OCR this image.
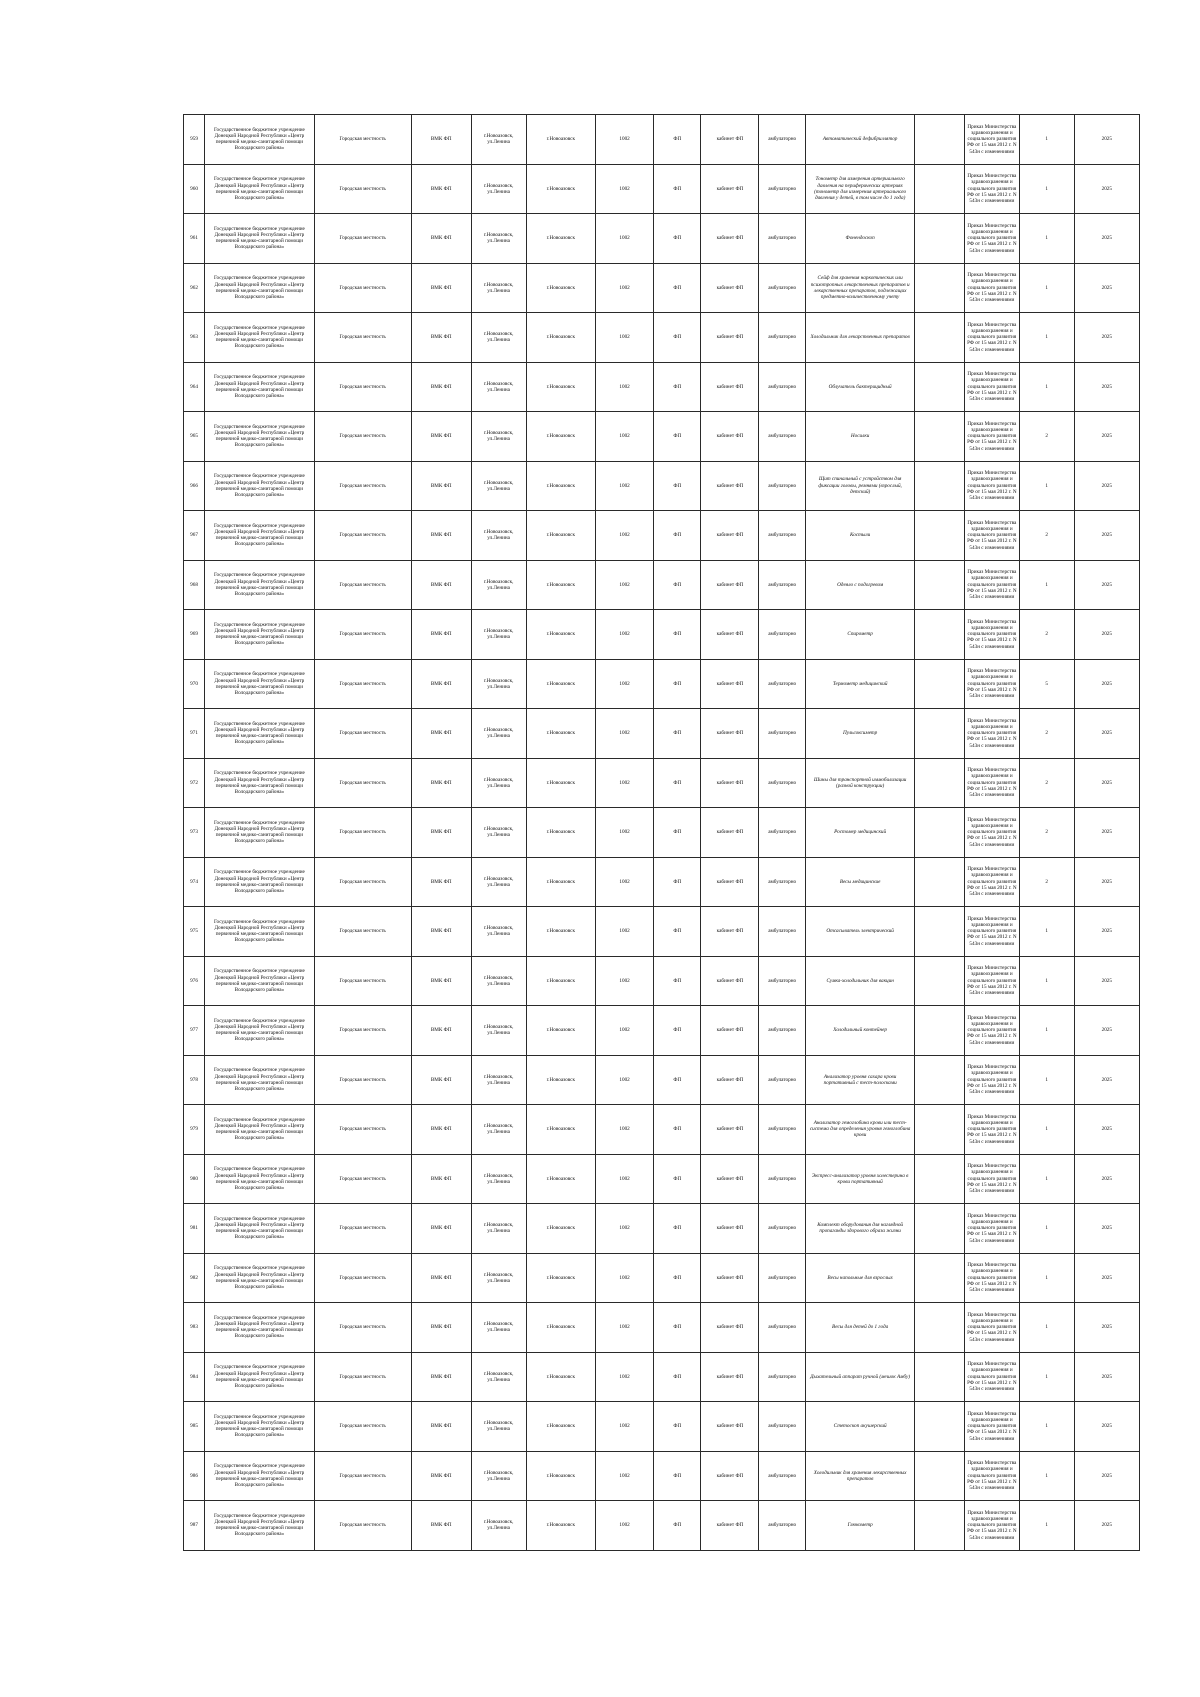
959	Государственное бюджетное учреждение Донецкой Народной Республики «Центр первичной медико-санитарной помощи Володарского района»	Городская местность	ВМК ФП	г.Новоазовск, ул.Ленина	г.Новоазовск	1002	ФП	кабинет ФП	амбулаторно	Автоматический дефибриллятор		Приказ Министерства здравоохранения и социального развития РФ от 15 мая 2012 г. N 543н с изменениями	1	2025
960	Государственное бюджетное учреждение Донецкой Народной Республики «Центр первичной медико-санитарной помощи Володарского района»	Городская местность	ВМК ФП	г.Новоазовск, ул.Ленина	г.Новоазовск	1002	ФП	кабинет ФП	амбулаторно	Тонометр для измерения артериального давления на периферических артериях (тонометр для измерения артериального давления у детей, в том числе до 1 года)		Приказ Министерства здравоохранения и социального развития РФ от 15 мая 2012 г. N 543н с изменениями	1	2025
961	Государственное бюджетное учреждение Донецкой Народной Республики «Центр первичной медико-санитарной помощи Володарского района»	Городская местность	ВМК ФП	г.Новоазовск, ул.Ленина	г.Новоазовск	1002	ФП	кабинет ФП	амбулаторно	Фонендоскоп		Приказ Министерства здравоохранения и социального развития РФ от 15 мая 2012 г. N 543н с изменениями	1	2025
962	Государственное бюджетное учреждение Донецкой Народной Республики «Центр первичной медико-санитарной помощи Володарского района»	Городская местность	ВМК ФП	г.Новоазовск, ул.Ленина	г.Новоазовск	1002	ФП	кабинет ФП	амбулаторно	Сейф для хранения наркотических или психотропных лекарственных препаратов и лекарственных препаратов, подлежащих предметно-количественному учету		Приказ Министерства здравоохранения и социального развития РФ от 15 мая 2012 г. N 543н с изменениями	1	2025
963	Государственное бюджетное учреждение Донецкой Народной Республики «Центр первичной медико-санитарной помощи Володарского района»	Городская местность	ВМК ФП	г.Новоазовск, ул.Ленина	г.Новоазовск	1002	ФП	кабинет ФП	амбулаторно	Холодильник для лекарственных препаратов		Приказ Министерства здравоохранения и социального развития РФ от 15 мая 2012 г. N 543н с изменениями	1	2025
964	Государственное бюджетное учреждение Донецкой Народной Республики «Центр первичной медико-санитарной помощи Володарского района»	Городская местность	ВМК ФП	г.Новоазовск, ул.Ленина	г.Новоазовск	1002	ФП	кабинет ФП	амбулаторно	Облучатель бактерицидный		Приказ Министерства здравоохранения и социального развития РФ от 15 мая 2012 г. N 543н с изменениями	1	2025
965	Государственное бюджетное учреждение Донецкой Народной Республики «Центр первичной медико-санитарной помощи Володарского района»	Городская местность	ВМК ФП	г.Новоазовск, ул.Ленина	г.Новоазовск	1002	ФП	кабинет ФП	амбулаторно	Носилки		Приказ Министерства здравоохранения и социального развития РФ от 15 мая 2012 г. N 543н с изменениями	2	2025
966	Государственное бюджетное учреждение Донецкой Народной Республики «Центр первичной медико-санитарной помощи Володарского района»	Городская местность	ВМК ФП	г.Новоазовск, ул.Ленина	г.Новоазовск	1002	ФП	кабинет ФП	амбулаторно	Щит спинальный с устройством для фиксации головы, ремнями (взрослый, детский)		Приказ Министерства здравоохранения и социального развития РФ от 15 мая 2012 г. N 543н с изменениями	1	2025
967	Государственное бюджетное учреждение Донецкой Народной Республики «Центр первичной медико-санитарной помощи Володарского района»	Городская местность	ВМК ФП	г.Новоазовск, ул.Ленина	г.Новоазовск	1002	ФП	кабинет ФП	амбулаторно	Костыли		Приказ Министерства здравоохранения и социального развития РФ от 15 мая 2012 г. N 543н с изменениями	2	2025
968	Государственное бюджетное учреждение Донецкой Народной Республики «Центр первичной медико-санитарной помощи Володарского района»	Городская местность	ВМК ФП	г.Новоазовск, ул.Ленина	г.Новоазовск	1002	ФП	кабинет ФП	амбулаторно	Одеяло с подогревом		Приказ Министерства здравоохранения и социального развития РФ от 15 мая 2012 г. N 543н с изменениями	1	2025
969	Государственное бюджетное учреждение Донецкой Народной Республики «Центр первичной медико-санитарной помощи Володарского района»	Городская местность	ВМК ФП	г.Новоазовск, ул.Ленина	г.Новоазовск	1002	ФП	кабинет ФП	амбулаторно	Спирометр		Приказ Министерства здравоохранения и социального развития РФ от 15 мая 2012 г. N 543н с изменениями	2	2025
970	Государственное бюджетное учреждение Донецкой Народной Республики «Центр первичной медико-санитарной помощи Володарского района»	Городская местность	ВМК ФП	г.Новоазовск, ул.Ленина	г.Новоазовск	1002	ФП	кабинет ФП	амбулаторно	Термометр медицинский		Приказ Министерства здравоохранения и социального развития РФ от 15 мая 2012 г. N 543н с изменениями	5	2025
971	Государственное бюджетное учреждение Донецкой Народной Республики «Центр первичной медико-санитарной помощи Володарского района»	Городская местность	ВМК ФП	г.Новоазовск, ул.Ленина	г.Новоазовск	1002	ФП	кабинет ФП	амбулаторно	Пульсоксиметр		Приказ Министерства здравоохранения и социального развития РФ от 15 мая 2012 г. N 543н с изменениями	2	2025
972	Государственное бюджетное учреждение Донецкой Народной Республики «Центр первичной медико-санитарной помощи Володарского района»	Городская местность	ВМК ФП	г.Новоазовск, ул.Ленина	г.Новоазовск	1002	ФП	кабинет ФП	амбулаторно	Шины для транспортной иммобилизации (разной конструкции)		Приказ Министерства здравоохранения и социального развития РФ от 15 мая 2012 г. N 543н с изменениями	2	2025
973	Государственное бюджетное учреждение Донецкой Народной Республики «Центр первичной медико-санитарной помощи Володарского района»	Городская местность	ВМК ФП	г.Новоазовск, ул.Ленина	г.Новоазовск	1002	ФП	кабинет ФП	амбулаторно	Ростомер медицинский		Приказ Министерства здравоохранения и социального развития РФ от 15 мая 2012 г. N 543н с изменениями	2	2025
974	Государственное бюджетное учреждение Донецкой Народной Республики «Центр первичной медико-санитарной помощи Володарского района»	Городская местность	ВМК ФП	г.Новоазовск, ул.Ленина	г.Новоазовск	1002	ФП	кабинет ФП	амбулаторно	Весы медицинские		Приказ Министерства здравоохранения и социального развития РФ от 15 мая 2012 г. N 543н с изменениями	2	2025
975	Государственное бюджетное учреждение Донецкой Народной Республики «Центр первичной медико-санитарной помощи Володарского района»	Городская местность	ВМК ФП	г.Новоазовск, ул.Ленина	г.Новоазовск	1002	ФП	кабинет ФП	амбулаторно	Отсасыватель электрический		Приказ Министерства здравоохранения и социального развития РФ от 15 мая 2012 г. N 543н с изменениями	1	2025
976	Государственное бюджетное учреждение Донецкой Народной Республики «Центр первичной медико-санитарной помощи Володарского района»	Городская местность	ВМК ФП	г.Новоазовск, ул.Ленина	г.Новоазовск	1002	ФП	кабинет ФП	амбулаторно	Сумка-холодильник для вакцин		Приказ Министерства здравоохранения и социального развития РФ от 15 мая 2012 г. N 543н с изменениями	1	2025
977	Государственное бюджетное учреждение Донецкой Народной Республики «Центр первичной медико-санитарной помощи Володарского района»	Городская местность	ВМК ФП	г.Новоазовск, ул.Ленина	г.Новоазовск	1002	ФП	кабинет ФП	амбулаторно	Холодильный контейнер		Приказ Министерства здравоохранения и социального развития РФ от 15 мая 2012 г. N 543н с изменениями	1	2025
978	Государственное бюджетное учреждение Донецкой Народной Республики «Центр первичной медико-санитарной помощи Володарского района»	Городская местность	ВМК ФП	г.Новоазовск, ул.Ленина	г.Новоазовск	1002	ФП	кабинет ФП	амбулаторно	Анализатор уровня сахара крови портативный с тест-полосками		Приказ Министерства здравоохранения и социального развития РФ от 15 мая 2012 г. N 543н с изменениями	1	2025
979	Государственное бюджетное учреждение Донецкой Народной Республики «Центр первичной медико-санитарной помощи Володарского района»	Городская местность	ВМК ФП	г.Новоазовск, ул.Ленина	г.Новоазовск	1002	ФП	кабинет ФП	амбулаторно	Анализатор гемоглобина крови или тест-система для определения уровня гемоглобина крови		Приказ Министерства здравоохранения и социального развития РФ от 15 мая 2012 г. N 543н с изменениями	1	2025
980	Государственное бюджетное учреждение Донецкой Народной Республики «Центр первичной медико-санитарной помощи Володарского района»	Городская местность	ВМК ФП	г.Новоазовск, ул.Ленина	г.Новоазовск	1002	ФП	кабинет ФП	амбулаторно	Экспресс-анализатор уровня холестерина в крови портативный		Приказ Министерства здравоохранения и социального развития РФ от 15 мая 2012 г. N 543н с изменениями	1	2025
981	Государственное бюджетное учреждение Донецкой Народной Республики «Центр первичной медико-санитарной помощи Володарского района»	Городская местность	ВМК ФП	г.Новоазовск, ул.Ленина	г.Новоазовск	1002	ФП	кабинет ФП	амбулаторно	Комплект оборудования для наглядной пропаганды здорового образа жизни		Приказ Министерства здравоохранения и социального развития РФ от 15 мая 2012 г. N 543н с изменениями	1	2025
982	Государственное бюджетное учреждение Донецкой Народной Республики «Центр первичной медико-санитарной помощи Володарского района»	Городская местность	ВМК ФП	г.Новоазовск, ул.Ленина	г.Новоазовск	1002	ФП	кабинет ФП	амбулаторно	Весы напольные для взрослых		Приказ Министерства здравоохранения и социального развития РФ от 15 мая 2012 г. N 543н с изменениями	1	2025
983	Государственное бюджетное учреждение Донецкой Народной Республики «Центр первичной медико-санитарной помощи Володарского района»	Городская местность	ВМК ФП	г.Новоазовск, ул.Ленина	г.Новоазовск	1002	ФП	кабинет ФП	амбулаторно	Весы для детей до 1 года		Приказ Министерства здравоохранения и социального развития РФ от 15 мая 2012 г. N 543н с изменениями	1	2025
984	Государственное бюджетное учреждение Донецкой Народной Республики «Центр первичной медико-санитарной помощи Володарского района»	Городская местность	ВМК ФП	г.Новоазовск, ул.Ленина	г.Новоазовск	1002	ФП	кабинет ФП	амбулаторно	Дыхательный аппарат ручной (мешок Амбу)		Приказ Министерства здравоохранения и социального развития РФ от 15 мая 2012 г. N 543н с изменениями	1	2025
985	Государственное бюджетное учреждение Донецкой Народной Республики «Центр первичной медико-санитарной помощи Володарского района»	Городская местность	ВМК ФП	г.Новоазовск, ул.Ленина	г.Новоазовск	1002	ФП	кабинет ФП	амбулаторно	Стетоскоп акушерский		Приказ Министерства здравоохранения и социального развития РФ от 15 мая 2012 г. N 543н с изменениями	1	2025
986	Государственное бюджетное учреждение Донецкой Народной Республики «Центр первичной медико-санитарной помощи Володарского района»	Городская местность	ВМК ФП	г.Новоазовск, ул.Ленина	г.Новоазовск	1002	ФП	кабинет ФП	амбулаторно	Холодильник для хранения лекарственных препаратов		Приказ Министерства здравоохранения и социального развития РФ от 15 мая 2012 г. N 543н с изменениями	1	2025
987	Государственное бюджетное учреждение Донецкой Народной Республики «Центр первичной медико-санитарной помощи Володарского района»	Городская местность	ВМК ФП	г.Новоазовск, ул.Ленина	г.Новоазовск	1002	ФП	кабинет ФП	амбулаторно	Глюкометр		Приказ Министерства здравоохранения и социального развития РФ от 15 мая 2012 г. N 543н с изменениями	1	2025
